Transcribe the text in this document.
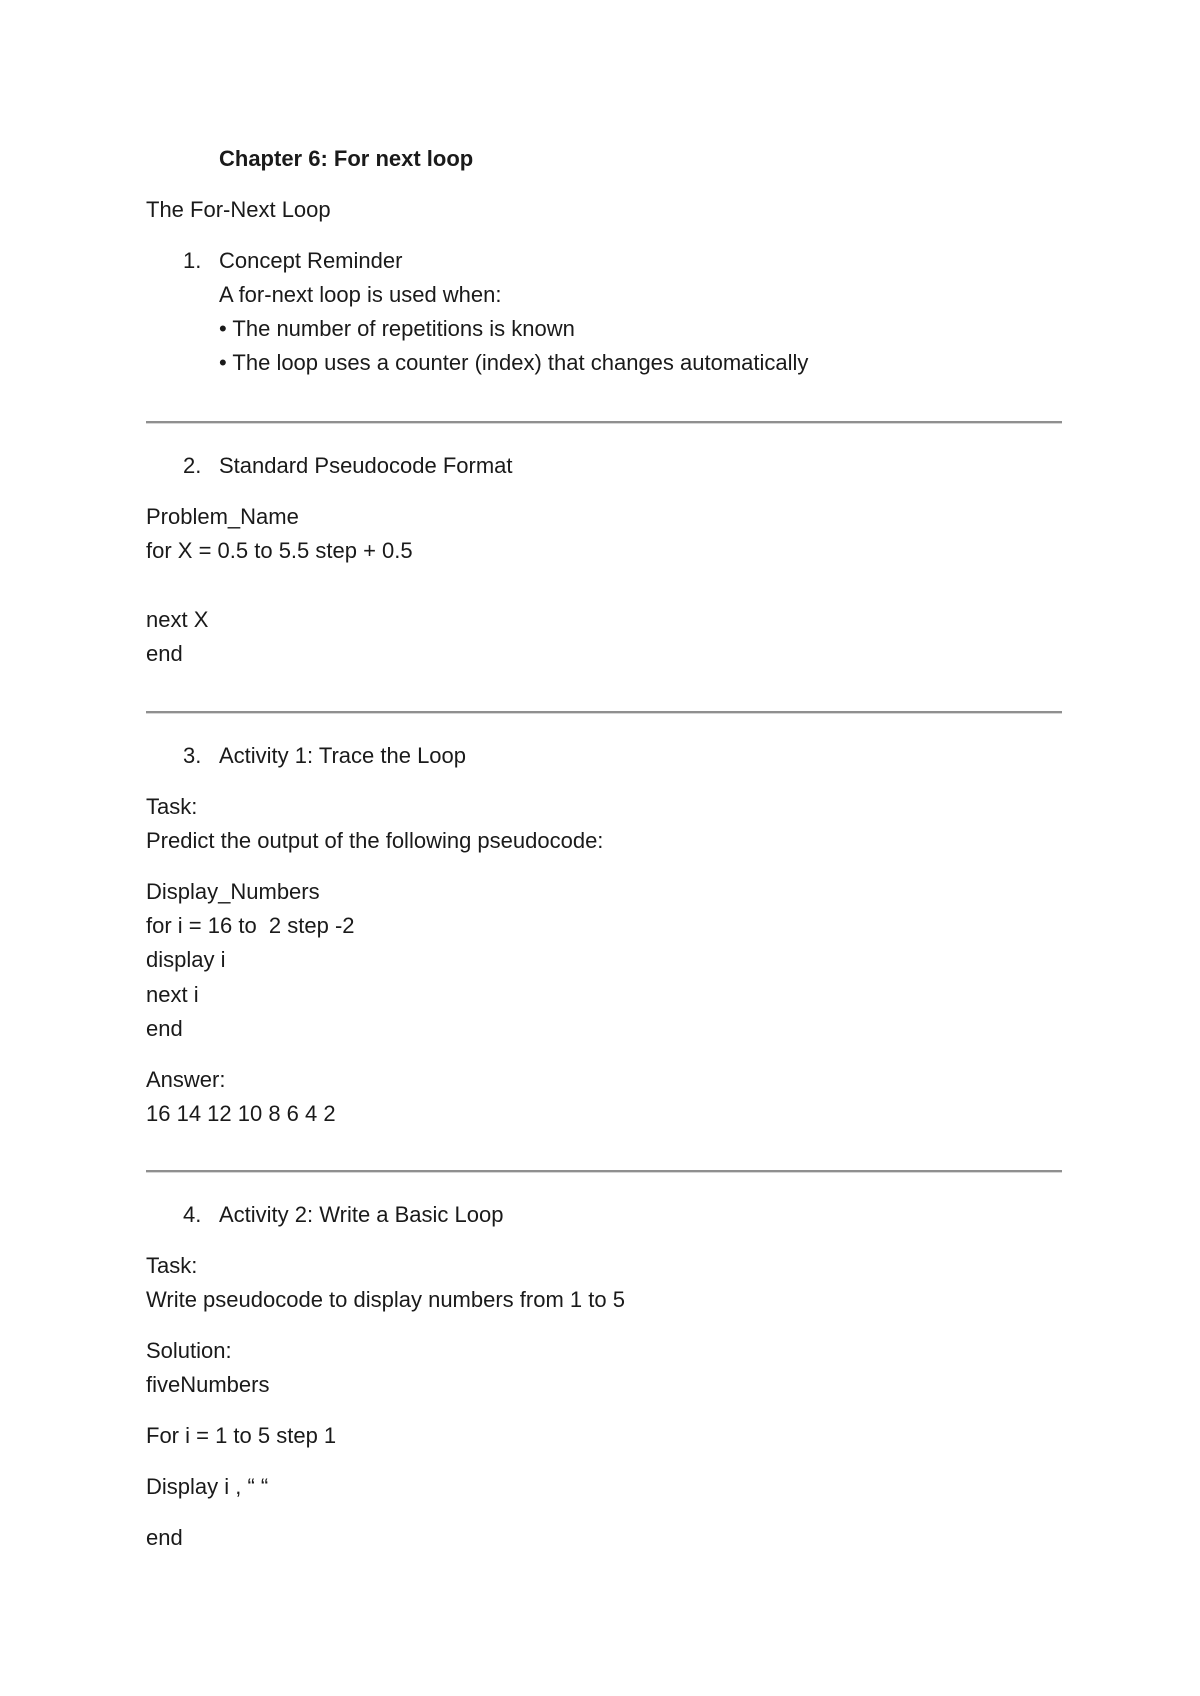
Chapter 6: For next loop
The For-Next Loop
1. Concept Reminder
A for-next loop is used when:
• The number of repetitions is known
• The loop uses a counter (index) that changes automatically
2. Standard Pseudocode Format
Problem_Name
for X = 0.5 to 5.5 step + 0.5
next X
end
3. Activity 1: Trace the Loop
Task:
Predict the output of the following pseudocode:
Display_Numbers
for i = 16 to  2 step -2
display i
next i
end
Answer:
16 14 12 10 8 6 4 2
4. Activity 2: Write a Basic Loop
Task:
Write pseudocode to display numbers from 1 to 5
Solution:
fiveNumbers
For i = 1 to 5 step 1
Display i , “ “
end
